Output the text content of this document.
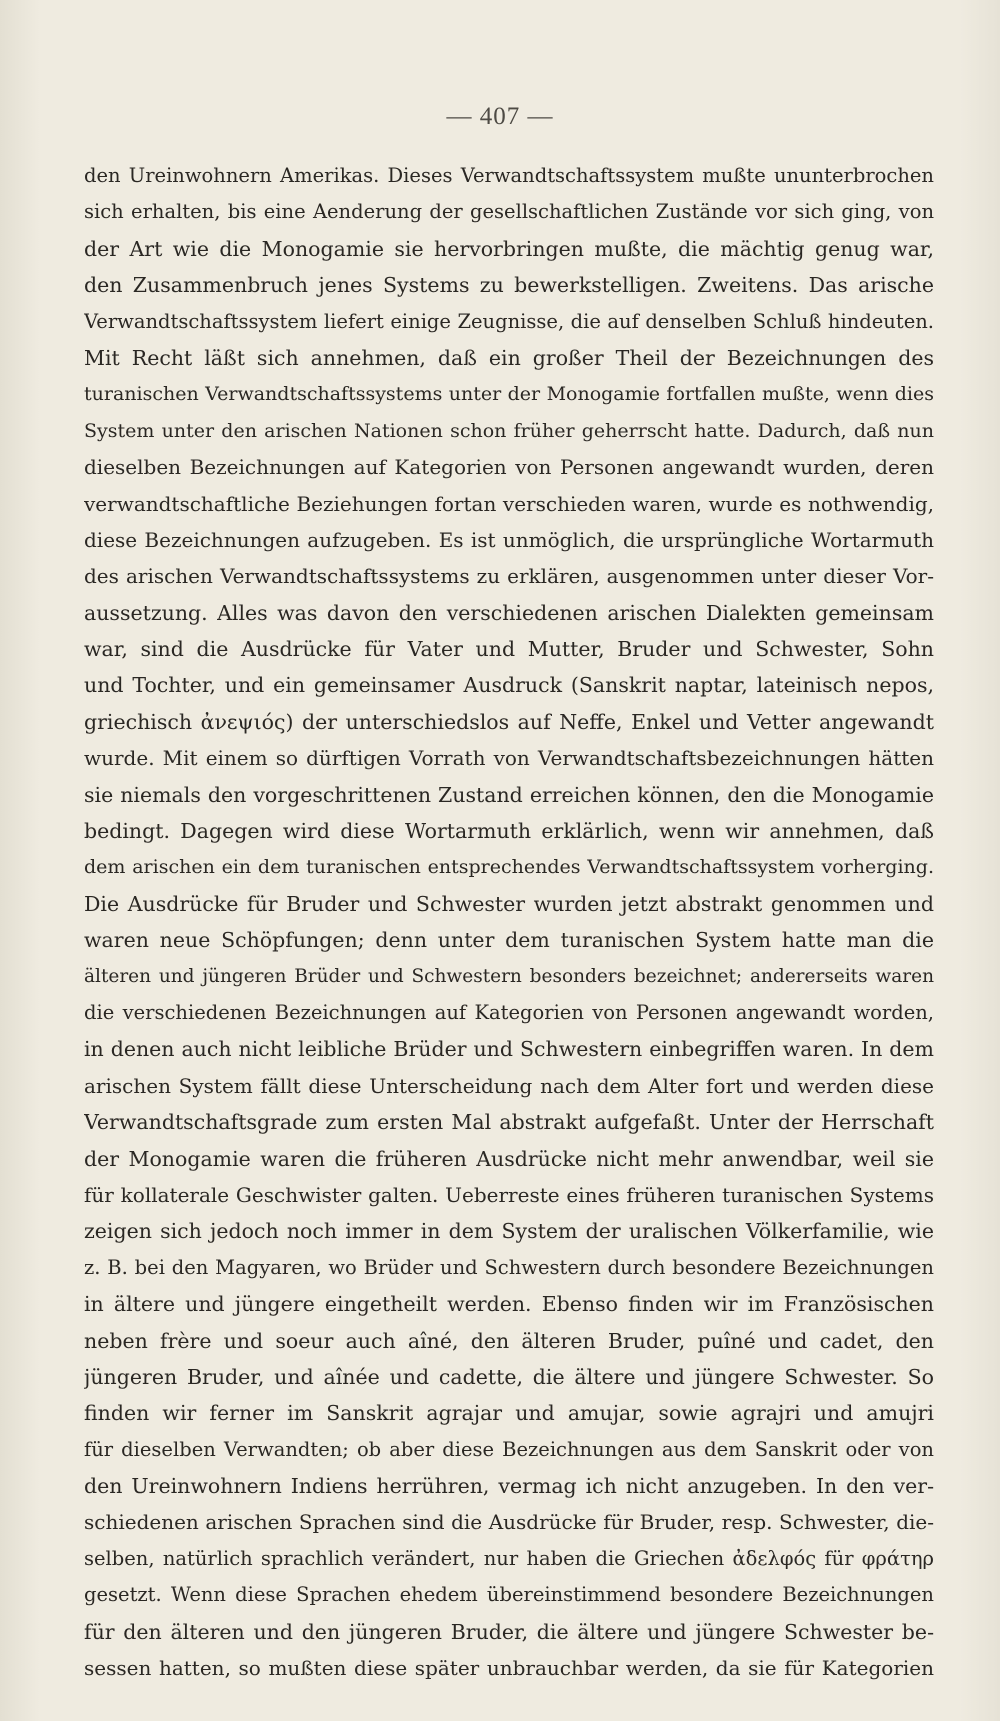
— 407 —
den Ureinwohnern Amerikas. Dieses Verwandtschaftssystem mußte ununterbrochen
sich erhalten, bis eine Aenderung der gesellschaftlichen Zustände vor sich ging, von
der Art wie die Monogamie sie hervorbringen mußte, die mächtig genug war,
den Zusammenbruch jenes Systems zu bewerkstelligen. Zweitens. Das arische
Verwandtschaftssystem liefert einige Zeugnisse, die auf denselben Schluß hindeuten.
Mit Recht läßt sich annehmen, daß ein großer Theil der Bezeichnungen des
turanischen Verwandtschaftssystems unter der Monogamie fortfallen mußte, wenn dies
System unter den arischen Nationen schon früher geherrscht hatte. Dadurch, daß nun
dieselben Bezeichnungen auf Kategorien von Personen angewandt wurden, deren
verwandtschaftliche Beziehungen fortan verschieden waren, wurde es nothwendig,
diese Bezeichnungen aufzugeben. Es ist unmöglich, die ursprüngliche Wortarmuth
des arischen Verwandtschaftssystems zu erklären, ausgenommen unter dieser Vor-
aussetzung. Alles was davon den verschiedenen arischen Dialekten gemeinsam
war, sind die Ausdrücke für Vater und Mutter, Bruder und Schwester, Sohn
und Tochter, und ein gemeinsamer Ausdruck (Sanskrit naptar, lateinisch nepos,
griechisch ἀνεψιός) der unterschiedslos auf Neffe, Enkel und Vetter angewandt
wurde. Mit einem so dürftigen Vorrath von Verwandtschaftsbezeichnungen hätten
sie niemals den vorgeschrittenen Zustand erreichen können, den die Monogamie
bedingt. Dagegen wird diese Wortarmuth erklärlich, wenn wir annehmen, daß
dem arischen ein dem turanischen entsprechendes Verwandtschaftssystem vorherging.
Die Ausdrücke für Bruder und Schwester wurden jetzt abstrakt genommen und
waren neue Schöpfungen; denn unter dem turanischen System hatte man die
älteren und jüngeren Brüder und Schwestern besonders bezeichnet; andererseits waren
die verschiedenen Bezeichnungen auf Kategorien von Personen angewandt worden,
in denen auch nicht leibliche Brüder und Schwestern einbegriffen waren. In dem
arischen System fällt diese Unterscheidung nach dem Alter fort und werden diese
Verwandtschaftsgrade zum ersten Mal abstrakt aufgefaßt. Unter der Herrschaft
der Monogamie waren die früheren Ausdrücke nicht mehr anwendbar, weil sie
für kollaterale Geschwister galten. Ueberreste eines früheren turanischen Systems
zeigen sich jedoch noch immer in dem System der uralischen Völkerfamilie, wie
z. B. bei den Magyaren, wo Brüder und Schwestern durch besondere Bezeichnungen
in ältere und jüngere eingetheilt werden. Ebenso finden wir im Französischen
neben frère und soeur auch aîné, den älteren Bruder, puîné und cadet, den
jüngeren Bruder, und aînée und cadette, die ältere und jüngere Schwester. So
finden wir ferner im Sanskrit agrajar und amujar, sowie agrajri und amujri
für dieselben Verwandten; ob aber diese Bezeichnungen aus dem Sanskrit oder von
den Ureinwohnern Indiens herrühren, vermag ich nicht anzugeben. In den ver-
schiedenen arischen Sprachen sind die Ausdrücke für Bruder, resp. Schwester, die-
selben, natürlich sprachlich verändert, nur haben die Griechen ἀδελφός für φράτηρ
gesetzt. Wenn diese Sprachen ehedem übereinstimmend besondere Bezeichnungen
für den älteren und den jüngeren Bruder, die ältere und jüngere Schwester be-
sessen hatten, so mußten diese später unbrauchbar werden, da sie für Kategorien
